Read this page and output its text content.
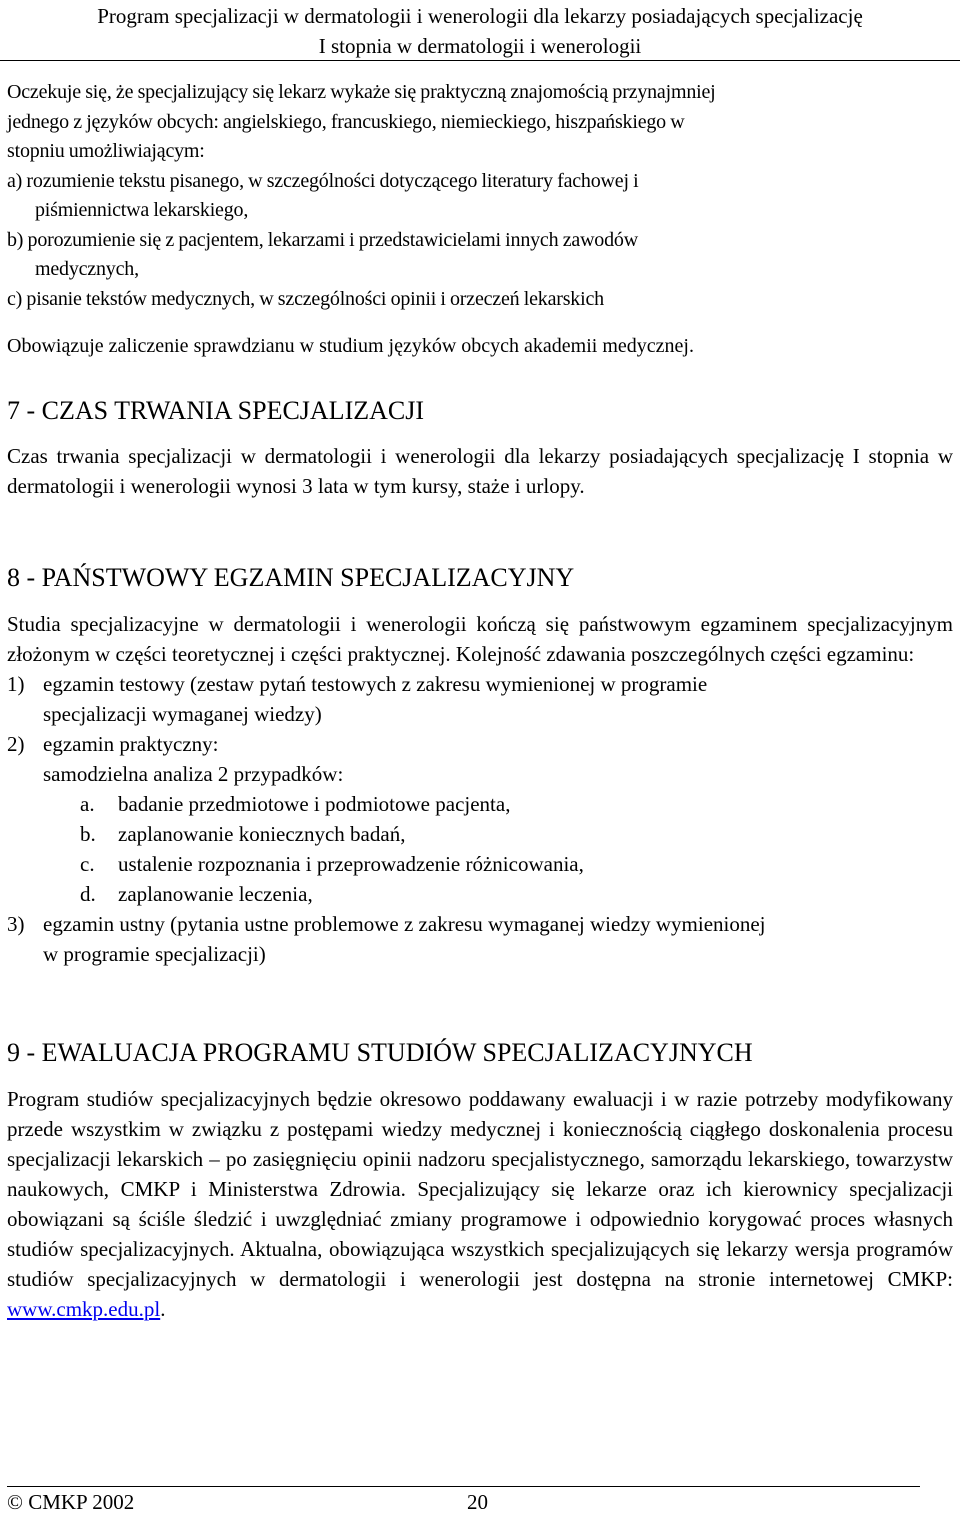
Program specjalizacji w dermatologii i wenerologii dla lekarzy posiadających specjalizację
I stopnia w dermatologii i wenerologii

Oczekuje się, że specjalizujący się lekarz wykaże się praktyczną znajomością przynajmniej

jednego z języków obcych: angielskiego, francuskiego, niemieckiego, hiszpańskiego w

stopniu umożliwiającym:

a) rozumienie tekstu pisanego, w szczególności dotyczącego literatury fachowej i

piśmiennictwa lekarskiego,

b) porozumienie się z pacjentem, lekarzami i przedstawicielami innych zawodów

medycznych,

c) pisanie tekstów medycznych, w szczególności opinii i orzeczeń lekarskich

Obowiązuje zaliczenie sprawdzianu w studium języków obcych akademii medycznej.
7 - CZAS TRWANIA SPECJALIZACJI

Czas trwania specjalizacji w dermatologii i wenerologii dla lekarzy posiadających specjalizację I stopnia w dermatologii i wenerologii wynosi 3 lata w tym kursy, staże i urlopy.

8 - PAŃSTWOWY EGZAMIN SPECJALIZACYJNY

Studia specjalizacyjne w dermatologii i wenerologii kończą się państwowym egzaminem specjalizacyjnym złożonym w części teoretycznej i części praktycznej. Kolejność zdawania poszczególnych części egzaminu:

1) egzamin testowy (zestaw pytań testowych z zakresu wymienionej w programie
specjalizacji wymaganej wiedzy)
2) egzamin praktyczny:
samodzielna analiza 2 przypadków:
a.	badanie przedmiotowe i podmiotowe pacjenta,
b.	zaplanowanie koniecznych badań,
c.	ustalenie rozpoznania i przeprowadzenie różnicowania,
d.	zaplanowanie leczenia,
3) egzamin ustny (pytania ustne problemowe z zakresu wymaganej wiedzy wymienionej
w programie specjalizacji)
9 - EWALUACJA PROGRAMU STUDIÓW SPECJALIZACYJNYCH

Program studiów specjalizacyjnych będzie okresowo poddawany ewaluacji i w razie potrzeby modyfikowany przede wszystkim w związku z postępami wiedzy medycznej i koniecznością ciągłego doskonalenia procesu specjalizacji lekarskich – po zasięgnięciu opinii nadzoru specjalistycznego, samorządu lekarskiego, towarzystw naukowych, CMKP i Ministerstwa Zdrowia. Specjalizujący się lekarze oraz ich kierownicy specjalizacji obowiązani są ściśle śledzić i uwzględniać zmiany programowe i odpowiednio korygować proces własnych studiów specjalizacyjnych. Aktualna, obowiązująca wszystkich specjalizujących się lekarzy wersja programów studiów specjalizacyjnych w dermatologii i wenerologii jest dostępna na stronie internetowej CMKP: www.cmkp.edu.pl.

© CMKP 2002	20
